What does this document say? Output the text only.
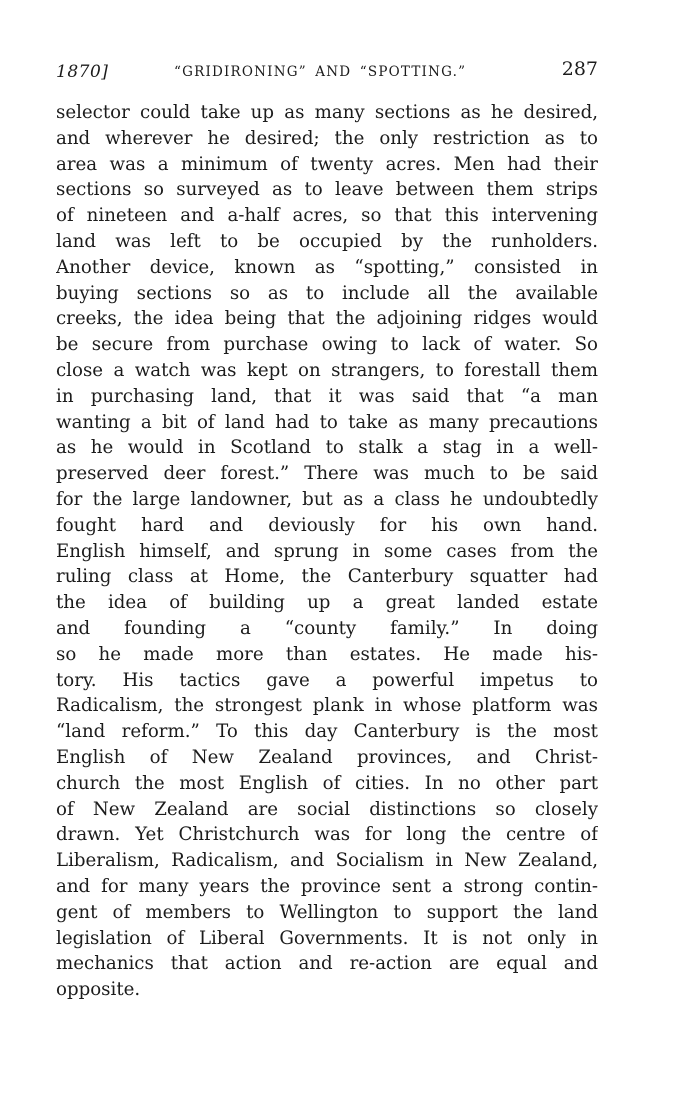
1870]	“GRIDIRONING” AND “SPOTTING.”	287
selector could take up as many sections as he desired,
and wherever he desired; the only restriction as to
area was a minimum of twenty acres. Men had their
sections so surveyed as to leave between them strips
of nineteen and a-half acres, so that this intervening
land was left to be occupied by the runholders.
Another device, known as “spotting,” consisted in
buying sections so as to include all the available
creeks, the idea being that the adjoining ridges would
be secure from purchase owing to lack of water. So
close a watch was kept on strangers, to forestall them
in purchasing land, that it was said that “a man
wanting a bit of land had to take as many precautions
as he would in Scotland to stalk a stag in a well-
preserved deer forest.” There was much to be said
for the large landowner, but as a class he undoubtedly
fought hard and deviously for his own hand.
English himself, and sprung in some cases from the
ruling class at Home, the Canterbury squatter had
the idea of building up a great landed estate
and founding a “county family.” In doing
so he made more than estates. He made his-
tory. His tactics gave a powerful impetus to
Radicalism, the strongest plank in whose platform was
“land reform.” To this day Canterbury is the most
English of New Zealand provinces, and Christ-
church the most English of cities. In no other part
of New Zealand are social distinctions so closely
drawn. Yet Christchurch was for long the centre of
Liberalism, Radicalism, and Socialism in New Zealand,
and for many years the province sent a strong contin-
gent of members to Wellington to support the land
legislation of Liberal Governments. It is not only in
mechanics that action and re-action are equal and
opposite.
